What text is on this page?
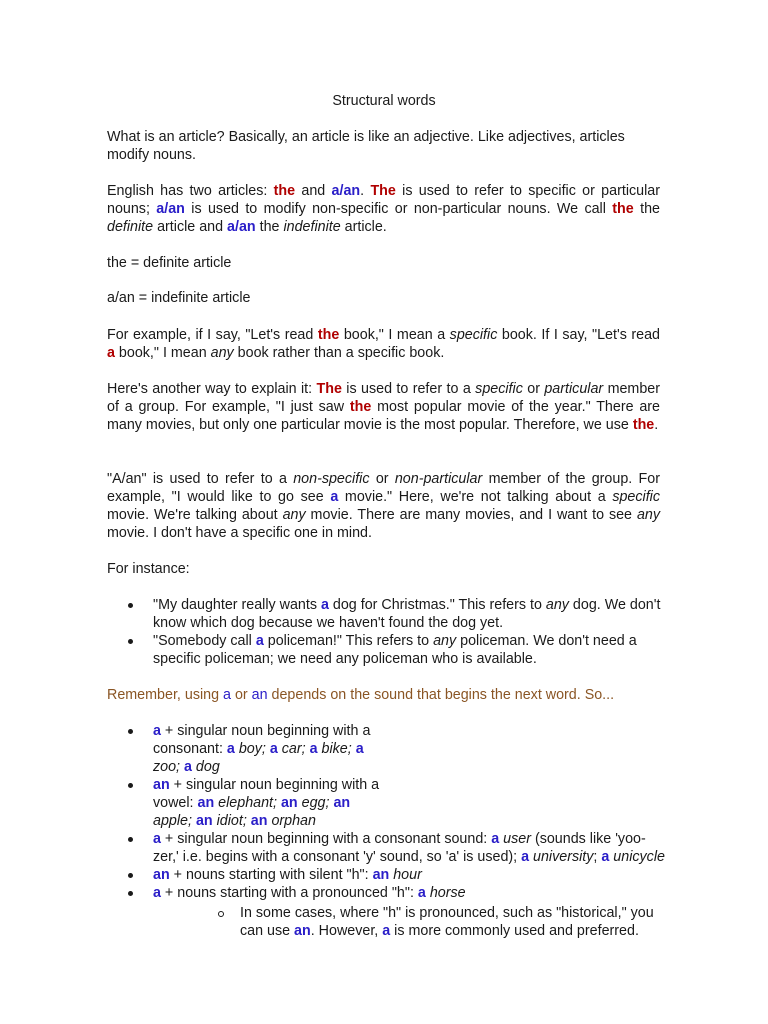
Structural words

What is an article? Basically, an article is like an adjective. Like adjectives, articles modify nouns.

English has two articles: the and a/an. The is used to refer to specific or particular nouns; a/an is used to modify non-specific or non-particular nouns. We call the the definite article and a/an the indefinite article.

the = definite article

a/an = indefinite article

For example, if I say, "Let's read the book," I mean a specific book. If I say, "Let's read a book," I mean any book rather than a specific book.

Here's another way to explain it: The is used to refer to a specific or particular member of a group. For example, "I just saw the most popular movie of the year." There are many movies, but only one particular movie is the most popular. Therefore, we use the.

"A/an" is used to refer to a non-specific or non-particular member of the group. For example, "I would like to go see a movie." Here, we're not talking about a specific movie. We're talking about any movie. There are many movies, and I want to see any movie. I don't have a specific one in mind.

For instance:

"My daughter really wants a dog for Christmas." This refers to any dog. We don't know which dog because we haven't found the dog yet.
"Somebody call a policeman!" This refers to any policeman. We don't need a specific policeman; we need any policeman who is available.

Remember, using a or an depends on the sound that begins the next word. So...

a + singular noun beginning with a consonant: a boy; a car; a bike; a zoo; a dog
an + singular noun beginning with a vowel: an elephant; an egg; an apple; an idiot; an orphan
a + singular noun beginning with a consonant sound: a user (sounds like 'yoo-zer,' i.e. begins with a consonant 'y' sound, so 'a' is used); a university; a unicycle
an + nouns starting with silent "h": an hour
a + nouns starting with a pronounced "h": a horse
In some cases, where "h" is pronounced, such as "historical," you can use an. However, a is more commonly used and preferred.
